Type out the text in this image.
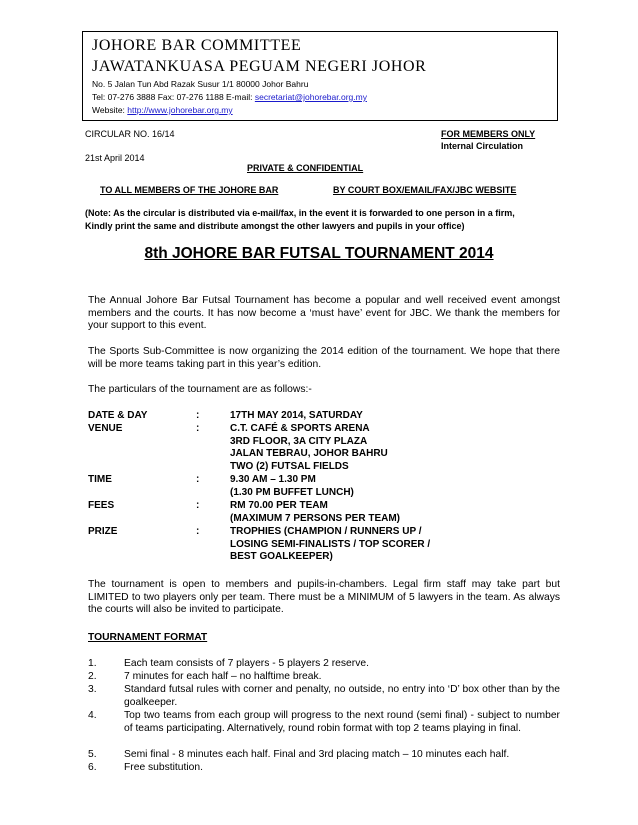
JOHORE BAR COMMITTEE
JAWATANKUASA PEGUAM NEGERI JOHOR
No. 5 Jalan Tun Abd Razak Susur 1/1 80000 Johor Bahru
Tel: 07-276 3888 Fax: 07-276 1188 E-mail: secretariat@johorebar.org.my
Website: http://www.johorebar.org.my
CIRCULAR NO. 16/14	FOR MEMBERS ONLY
Internal Circulation
21st April 2014
PRIVATE & CONFIDENTIAL
TO ALL MEMBERS OF THE JOHORE BAR	BY COURT BOX/EMAIL/FAX/JBC WEBSITE
(Note: As the circular is distributed via e-mail/fax, in the event it is forwarded to one person in a firm,
Kindly print the same and distribute amongst the other lawyers and pupils in your office)
8th JOHORE BAR FUTSAL TOURNAMENT 2014
The Annual Johore Bar Futsal Tournament has become a popular and well received event amongst members and the courts. It has now become a ‘must have’ event for JBC. We thank the members for your support to this event.
The Sports Sub-Committee is now organizing the 2014 edition of the tournament. We hope that there will be more teams taking part in this year’s edition.
The particulars of the tournament are as follows:-
DATE & DAY	:	17TH MAY 2014, SATURDAY
VENUE	:	C.T. CAFÉ & SPORTS ARENA
3RD FLOOR, 3A CITY PLAZA
JALAN TEBRAU, JOHOR BAHRU
TWO (2) FUTSAL FIELDS
TIME	:	9.30 AM – 1.30 PM
(1.30 PM BUFFET LUNCH)
FEES	:	RM 70.00 PER TEAM
(MAXIMUM 7 PERSONS PER TEAM)
PRIZE	:	TROPHIES (CHAMPION / RUNNERS UP /
LOSING SEMI-FINALISTS / TOP SCORER /
BEST GOALKEEPER)
The tournament is open to members and pupils-in-chambers. Legal firm staff may take part but LIMITED to two players only per team. There must be a MINIMUM of 5 lawyers in the team. As always the courts will also be invited to participate.
TOURNAMENT FORMAT
1.	Each team consists of 7 players - 5 players 2 reserve.
2.	7 minutes for each half – no halftime break.
3.	Standard futsal rules with corner and penalty, no outside, no entry into ‘D’ box other than by the goalkeeper.
4.	Top two teams from each group will progress to the next round (semi final) - subject to number of teams participating. Alternatively, round robin format with top 2 teams playing in final.
5.	Semi final - 8 minutes each half. Final and 3rd placing match – 10 minutes each half.
6.	Free substitution.
